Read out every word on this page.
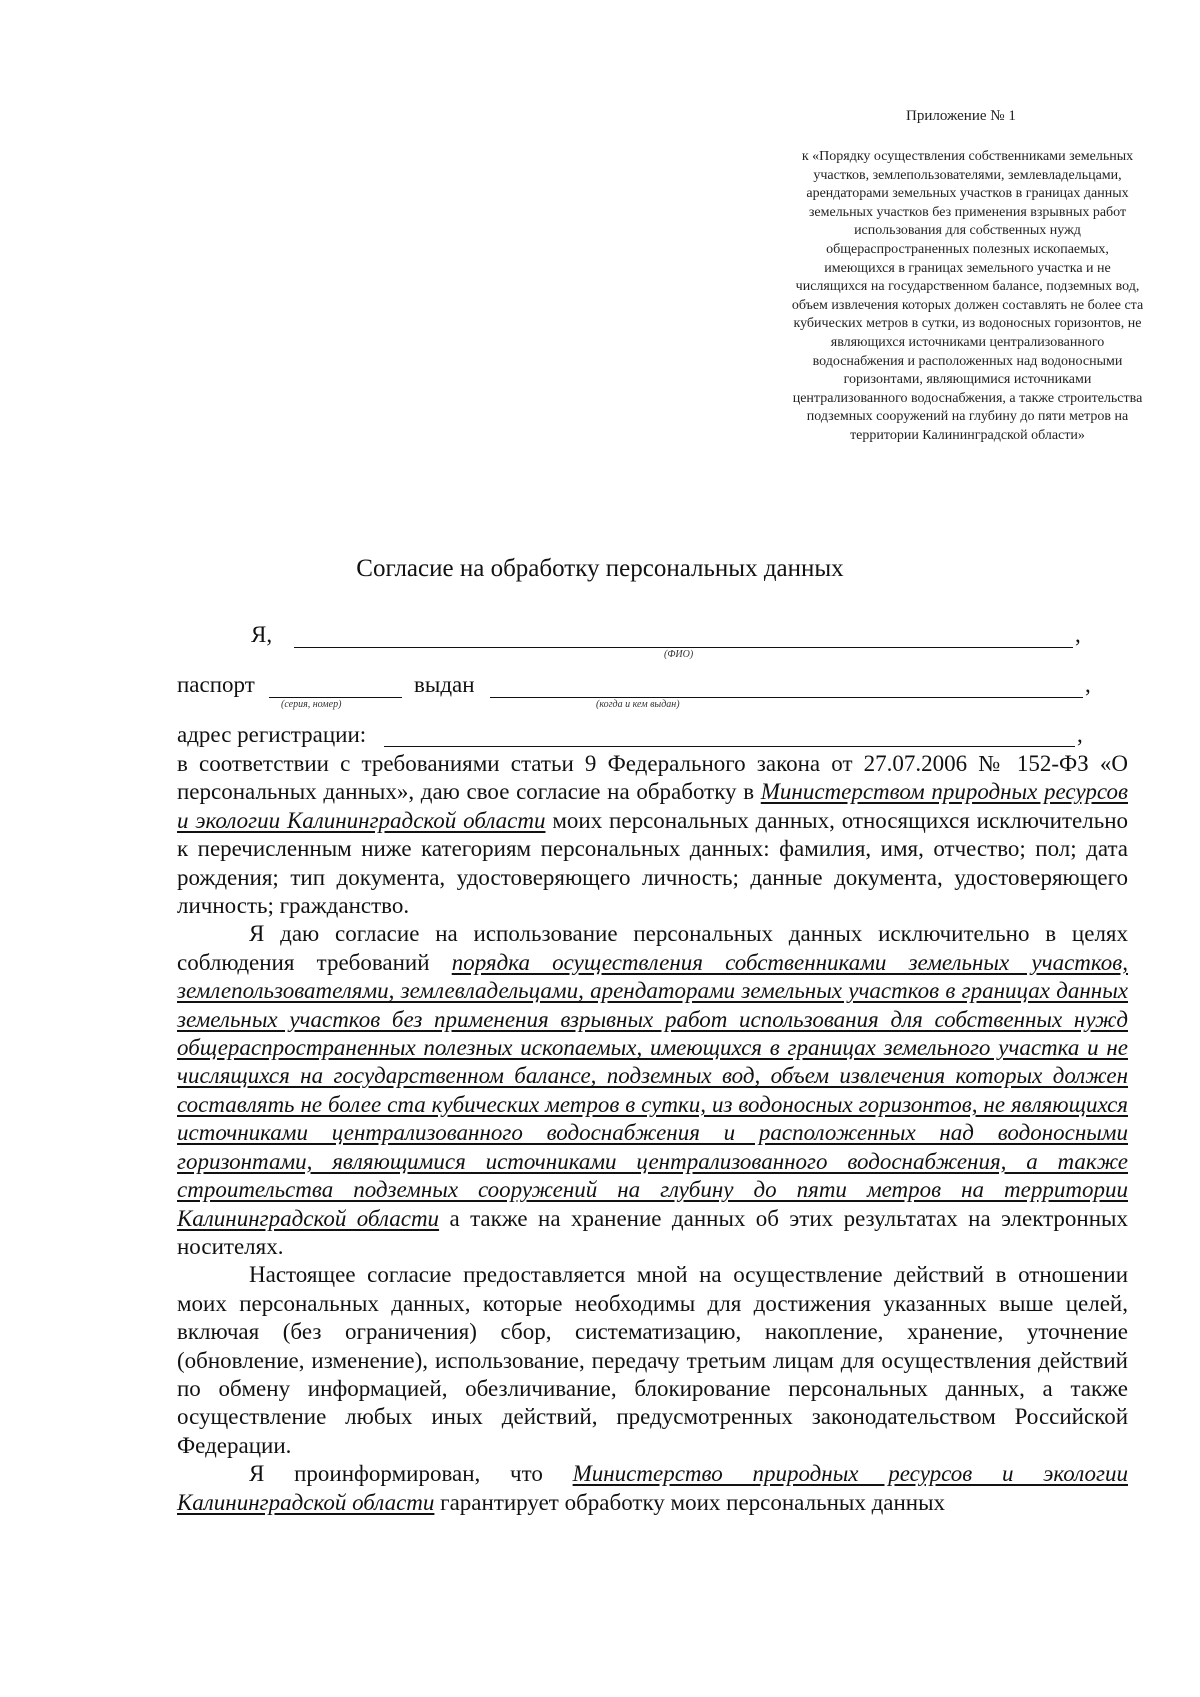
Приложение № 1
к «Порядку осуществления собственниками земельных участков, землепользователями, землевладельцами, арендаторами земельных участков в границах данных земельных участков без применения взрывных работ использования для собственных нужд общераспространенных полезных ископаемых, имеющихся в границах земельного участка и не числящихся на государственном балансе, подземных вод, объем извлечения которых должен составлять не более ста кубических метров в сутки, из водоносных горизонтов, не являющихся источниками централизованного водоснабжения и расположенных над водоносными горизонтами, являющимися источниками централизованного водоснабжения, а также строительства подземных сооружений на глубину до пяти метров на территории Калининградской области»
Согласие на обработку персональных данных
Я,	,
(ФИО)
паспорт
(серия, номер)
выдан	,
(когда и кем выдан)
адрес регистрации:	,

в соответствии с требованиями статьи 9 Федерального закона от 27.07.2006 № 152-ФЗ «О персональных данных», даю свое согласие на обработку в Министерством природных ресурсов и экологии Калининградской области моих персональных данных, относящихся исключительно к перечисленным ниже категориям персональных данных: фамилия, имя, отчество; пол; дата рождения; тип документа, удостоверяющего личность; данные документа, удостоверяющего личность; гражданство.

Я даю согласие на использование персональных данных исключительно в целях соблюдения требований порядка осуществления собственниками земельных участков, землепользователями, землевладельцами, арендаторами земельных участков в границах данных земельных участков без применения взрывных работ использования для собственных нужд общераспространенных полезных ископаемых, имеющихся в границах земельного участка и не числящихся на государственном балансе, подземных вод, объем извлечения которых должен составлять не более ста кубических метров в сутки, из водоносных горизонтов, не являющихся источниками централизованного водоснабжения и расположенных над водоносными горизонтами, являющимися источниками централизованного водоснабжения, а также строительства подземных сооружений на глубину до пяти метров на территории Калининградской области а также на хранение данных об этих результатах на электронных носителях.

Настоящее согласие предоставляется мной на осуществление действий в отношении моих персональных данных, которые необходимы для достижения указанных выше целей, включая (без ограничения) сбор, систематизацию, накопление, хранение, уточнение (обновление, изменение), использование, передачу третьим лицам для осуществления действий по обмену информацией, обезличивание, блокирование персональных данных, а также осуществление любых иных действий, предусмотренных законодательством Российской Федерации.

Я проинформирован, что Министерство природных ресурсов и экологии Калининградской области гарантирует обработку моих персональных данных
